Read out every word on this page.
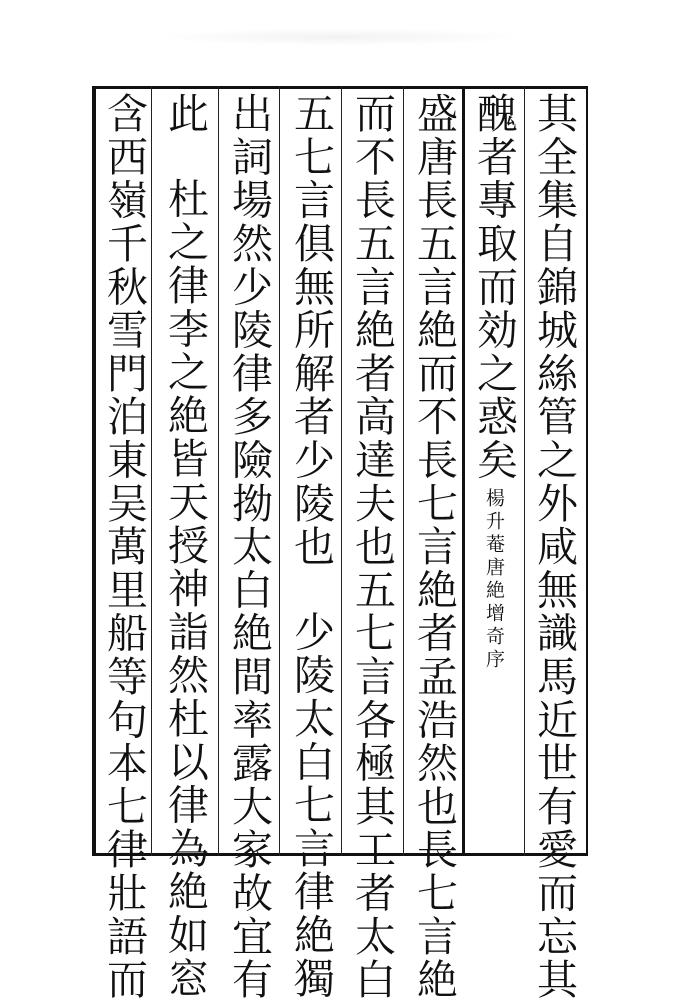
其全集自錦城絲管之外咸無識馬近世有愛而忘其
醜者專取而効之惑矣楊升菴唐絶增奇序
盛唐長五言絶而不長七言絶者孟浩然也長七言絶
而不長五言絶者高達夫也五七言各極其工者太白
五七言俱無所解者少陵也少陵太白七言律絶獨
出詞場然少陵律多險拗太白絶間率露大家故宜有
此杜之律李之絶皆天授神詣然杜以律為絶如窓
含西嶺千秋雪門泊東吴萬里船等句本七律壯語而
